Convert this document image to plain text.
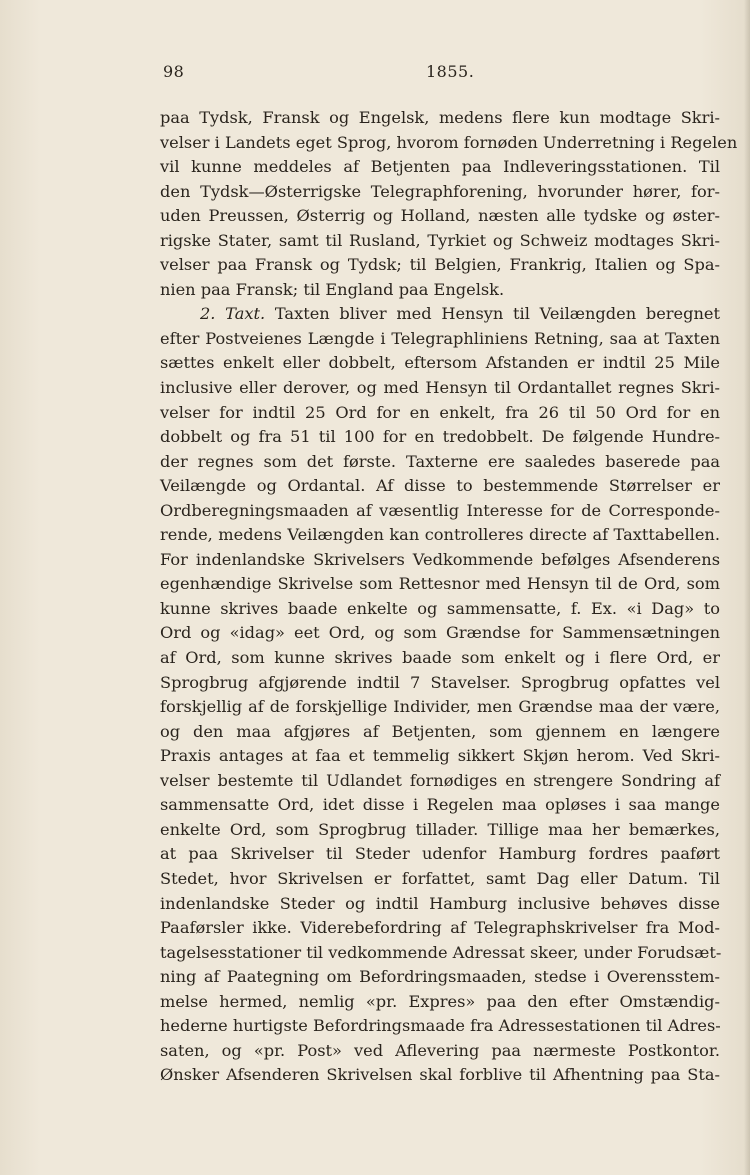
98	1855.
paa Tydsk, Fransk og Engelsk, medens flere kun modtage Skri-
velser i Landets eget Sprog, hvorom fornøden Underretning i Regelen
vil kunne meddeles af Betjenten paa Indleveringsstationen. Til
den Tydsk—Østerrigske Telegraphforening, hvorunder hører, for-
uden Preussen, Østerrig og Holland, næsten alle tydske og øster-
rigske Stater, samt til Rusland, Tyrkiet og Schweiz modtages Skri-
velser paa Fransk og Tydsk; til Belgien, Frankrig, Italien og Spa-
nien paa Fransk; til England paa Engelsk.
2. Taxt. Taxten bliver med Hensyn til Veilængden beregnet
efter Postveienes Længde i Telegraphliniens Retning, saa at Taxten
sættes enkelt eller dobbelt, eftersom Afstanden er indtil 25 Mile
inclusive eller derover, og med Hensyn til Ordantallet regnes Skri-
velser for indtil 25 Ord for en enkelt, fra 26 til 50 Ord for en
dobbelt og fra 51 til 100 for en tredobbelt. De følgende Hundre-
der regnes som det første. Taxterne ere saaledes baserede paa
Veilængde og Ordantal. Af disse to bestemmende Størrelser er
Ordberegningsmaaden af væsentlig Interesse for de Corresponde-
rende, medens Veilængden kan controlleres directe af Taxttabellen.
For indenlandske Skrivelsers Vedkommende befølges Afsenderens
egenhændige Skrivelse som Rettesnor med Hensyn til de Ord, som
kunne skrives baade enkelte og sammensatte, f. Ex. «i Dag» to
Ord og «idag» eet Ord, og som Grændse for Sammensætningen
af Ord, som kunne skrives baade som enkelt og i flere Ord, er
Sprogbrug afgjørende indtil 7 Stavelser. Sprogbrug opfattes vel
forskjellig af de forskjellige Individer, men Grændse maa der være,
og den maa afgjøres af Betjenten, som gjennem en længere
Praxis antages at faa et temmelig sikkert Skjøn herom. Ved Skri-
velser bestemte til Udlandet fornødiges en strengere Sondring af
sammensatte Ord, idet disse i Regelen maa opløses i saa mange
enkelte Ord, som Sprogbrug tillader. Tillige maa her bemærkes,
at paa Skrivelser til Steder udenfor Hamburg fordres paaført
Stedet, hvor Skrivelsen er forfattet, samt Dag eller Datum. Til
indenlandske Steder og indtil Hamburg inclusive behøves disse
Paaførsler ikke. Viderebefordring af Telegraphskrivelser fra Mod-
tagelsesstationer til vedkommende Adressat skeer, under Forudsæt-
ning af Paategning om Befordringsmaaden, stedse i Overensstem-
melse hermed, nemlig «pr. Expres» paa den efter Omstændig-
hederne hurtigste Befordringsmaade fra Adressestationen til Adres-
saten, og «pr. Post» ved Aflevering paa nærmeste Postkontor.
Ønsker Afsenderen Skrivelsen skal forblive til Afhentning paa Sta-
